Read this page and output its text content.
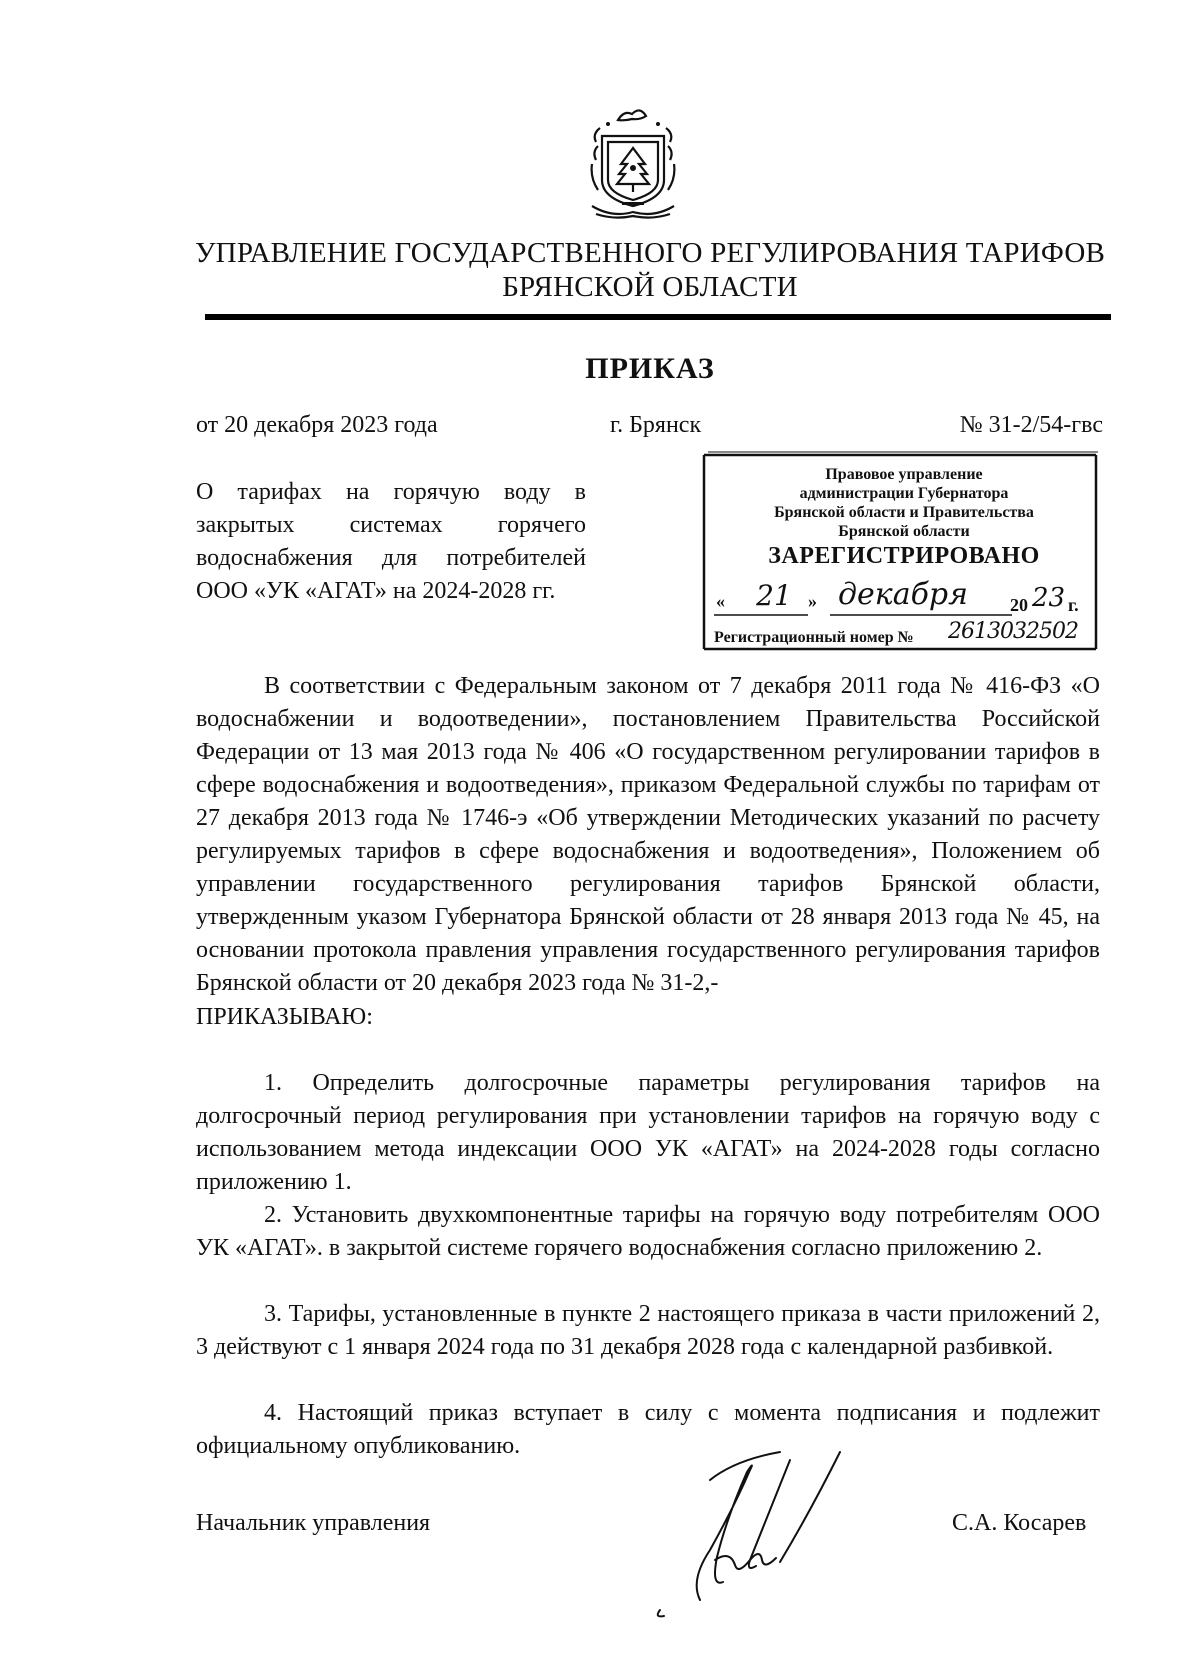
УПРАВЛЕНИЕ ГОСУДАРСТВЕННОГО РЕГУЛИРОВАНИЯ ТАРИФОВ
БРЯНСКОЙ ОБЛАСТИ
ПРИКАЗ
от 20 декабря 2023 года	г. Брянск	№ 31-2/54-гвс
О тарифах на горячую воду в закрытых системах горячего водоснабжения для потребителей ООО «УК «АГАТ» на 2024-2028 гг.
Правовое управление
администрации Губернатора
Брянской области и Правительства
Брянской области
ЗАРЕГИСТРИРОВАНО
«	21 » декабря	20 23 г.
Регистрационный номер № 2613032502
В соответствии с Федеральным законом от 7 декабря 2011 года № 416-ФЗ «О водоснабжении и водоотведении», постановлением Правительства Российской Федерации от 13 мая 2013 года № 406 «О государственном регулировании тарифов в сфере водоснабжения и водоотведения», приказом Федеральной службы по тарифам от 27 декабря 2013 года № 1746-э «Об утверждении Методических указаний по расчету регулируемых тарифов в сфере водоснабжения и водоотведения», Положением об управлении государственного регулирования тарифов Брянской области, утвержденным указом Губернатора Брянской области от 28 января 2013 года № 45, на основании протокола правления управления государственного регулирования тарифов Брянской области от 20 декабря 2023 года № 31-2,-
ПРИКАЗЫВАЮ:
1. Определить долгосрочные параметры регулирования тарифов на долгосрочный период регулирования при установлении тарифов на горячую воду с использованием метода индексации ООО УК «АГАТ» на 2024-2028 годы согласно приложению 1.
2. Установить двухкомпонентные тарифы на горячую воду потребителям ООО УК «АГАТ». в закрытой системе горячего водоснабжения согласно приложению 2.
3. Тарифы, установленные в пункте 2 настоящего приказа в части приложений 2, 3 действуют с 1 января 2024 года по 31 декабря 2028 года с календарной разбивкой.
4. Настоящий приказ вступает в силу с момента подписания и подлежит официальному опубликованию.
Начальник управления	С.А. Косарев
